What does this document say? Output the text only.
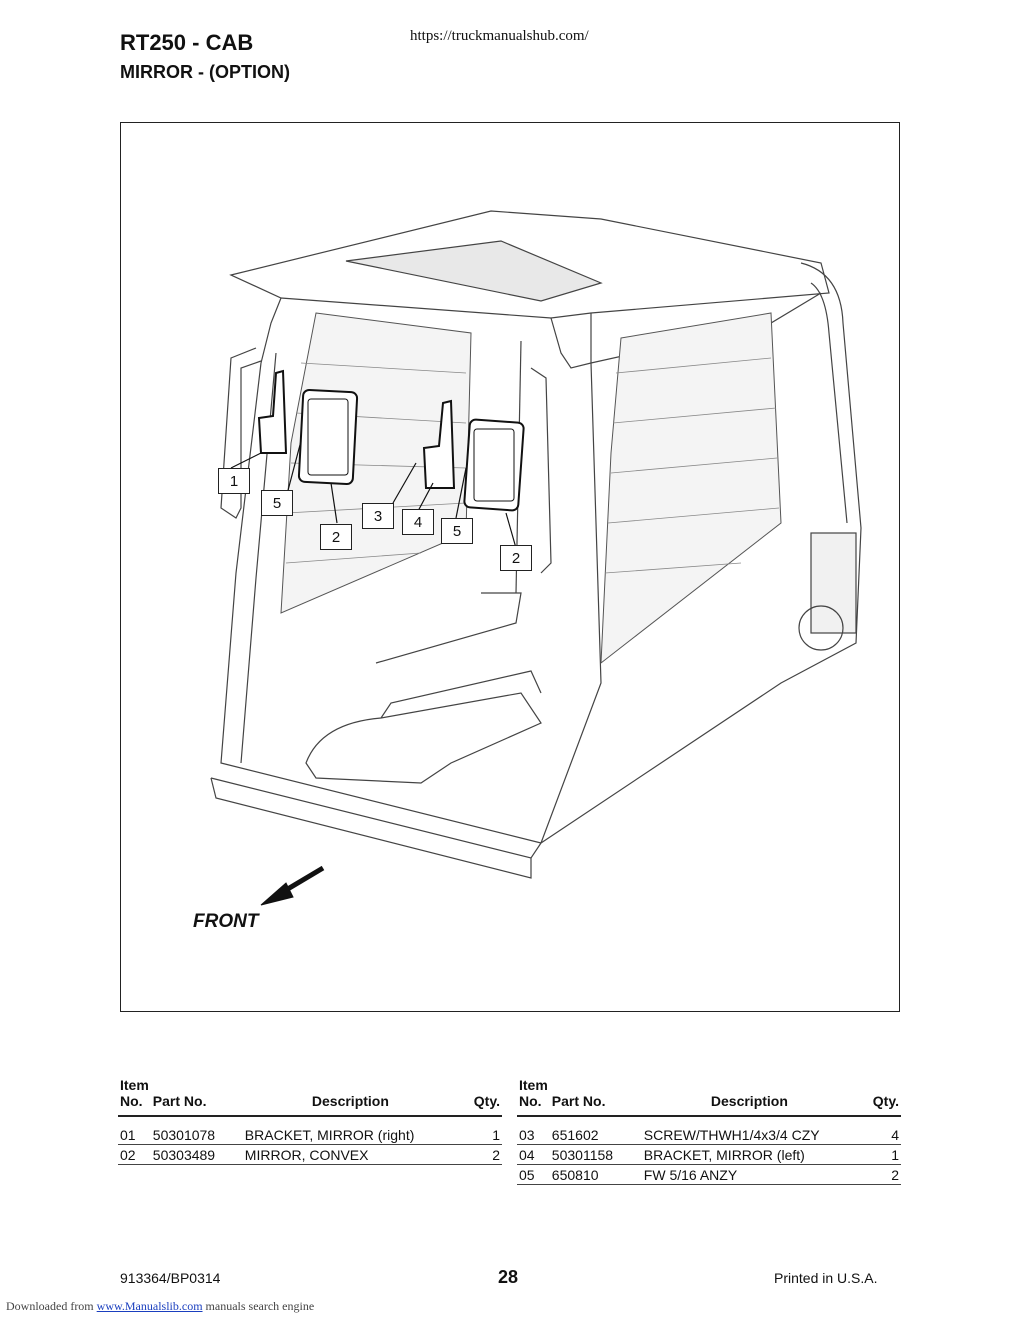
RT250 - CAB
MIRROR - (OPTION)
https://truckmanualshub.com/
1
5
2
3	4
5
2
FRONT
Item
No.	Part No.	Description	Qty.

01	50301078	BRACKET, MIRROR (right)	1
02	50303489	MIRROR, CONVEX	2
Item
No.	Part No.	Description	Qty.

03	651602	SCREW/THWH1/4x3/4 CZY	4
04	50301158	BRACKET, MIRROR (left)	1
05	650810	FW 5/16 ANZY	2
913364/BP0314	28	Printed in U.S.A.
Downloaded from www.Manualslib.com manuals search engine
